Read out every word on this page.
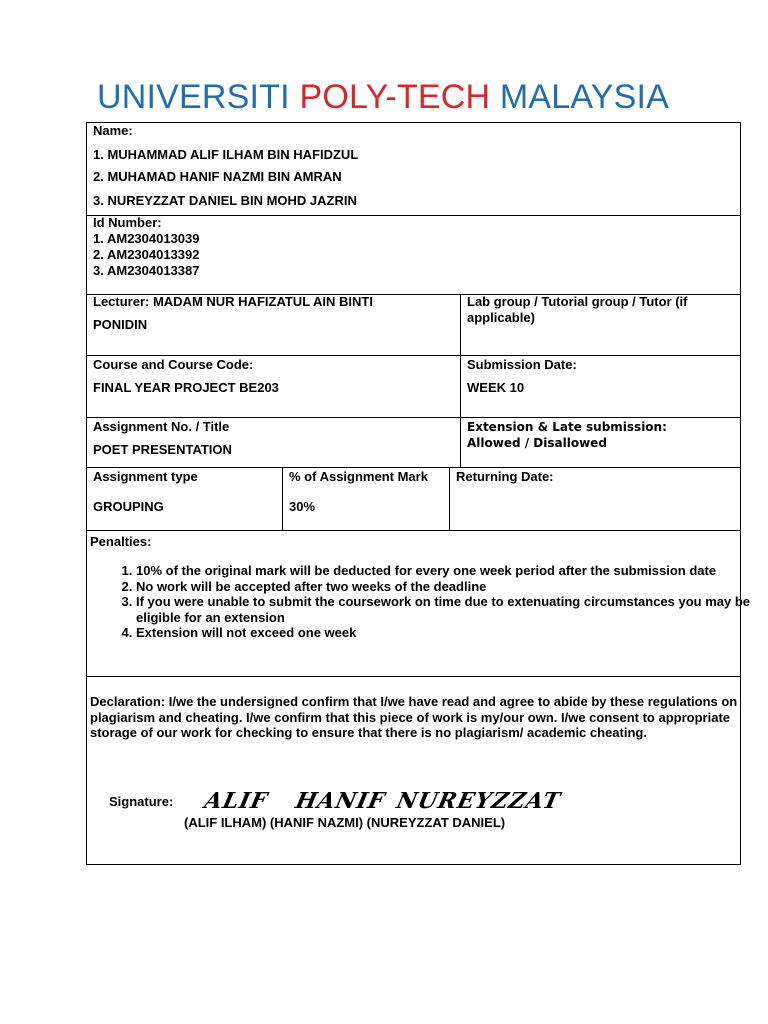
UNIVERSITI POLY-TECH MALAYSIA
Name:
1. MUHAMMAD ALIF ILHAM BIN HAFIDZUL
2. MUHAMAD HANIF NAZMI BIN AMRAN
3. NUREYZZAT DANIEL BIN MOHD JAZRIN
Id Number:
1. AM2304013039
2. AM2304013392
3. AM2304013387
Lecturer: MADAM NUR HAFIZATUL AIN BINTI
PONIDIN
Lab group / Tutorial group / Tutor (if
applicable)
Course and Course Code:
FINAL YEAR PROJECT BE203
Submission Date:
WEEK 10
Assignment No. / Title
POET PRESENTATION
Extension & Late submission:
Allowed / Disallowed
Assignment type
GROUPING
% of Assignment Mark
30%
Returning Date:
Penalties:
1. 10% of the original mark will be deducted for every one week period after the submission date
2. No work will be accepted after two weeks of the deadline
3. If you were unable to submit the coursework on time due to extenuating circumstances you may be eligible for an extension
4. Extension will not exceed one week
Declaration: I/we the undersigned confirm that I/we have read and agree to abide by these regulations on plagiarism and cheating. I/we confirm that this piece of work is my/our own. I/we consent to appropriate storage of our work for checking to ensure that there is no plagiarism/ academic cheating.
Signature: ALIF HANIF NUREYZZAT
(ALIF ILHAM) (HANIF NAZMI) (NUREYZZAT DANIEL)
